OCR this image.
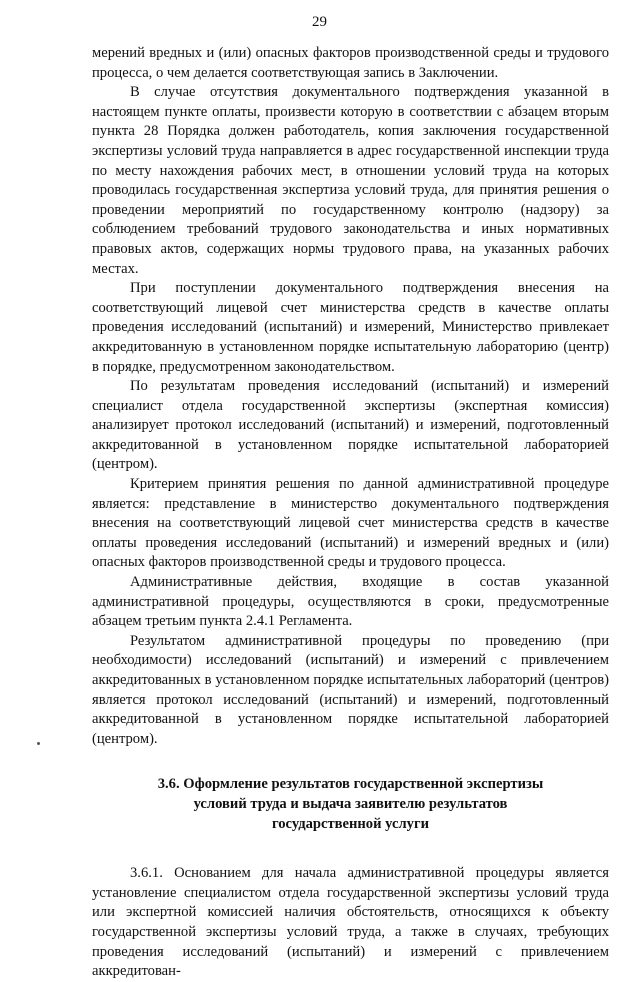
29

мерений вредных и (или) опасных факторов производственной среды и трудового процесса, о чем делается соответствующая запись в Заключении.

В случае отсутствия документального подтверждения указанной в настоящем пункте оплаты, произвести которую в соответствии с абзацем вторым пункта 28 Порядка должен работодатель, копия заключения государственной экспертизы условий труда направляется в адрес государственной инспекции труда по месту нахождения рабочих мест, в отношении условий труда на которых проводилась государственная экспертиза условий труда, для принятия решения о проведении мероприятий по государственному контролю (надзору) за соблюдением требований трудового законодательства и иных нормативных правовых актов, содержащих нормы трудового права, на указанных рабочих местах.

При поступлении документального подтверждения внесения на соответствующий лицевой счет министерства средств в качестве оплаты проведения исследований (испытаний) и измерений, Министерство привлекает аккредитованную в установленном порядке испытательную лабораторию (центр) в порядке, предусмотренном законодательством.

По результатам проведения исследований (испытаний) и измерений специалист отдела государственной экспертизы (экспертная комиссия) анализирует протокол исследований (испытаний) и измерений, подготовленный аккредитованной в установленном порядке испытательной лабораторией (центром).

Критерием принятия решения по данной административной процедуре является: представление в министерство документального подтверждения внесения на соответствующий лицевой счет министерства средств в качестве оплаты проведения исследований (испытаний) и измерений вредных и (или) опасных факторов производственной среды и трудового процесса.

Административные действия, входящие в состав указанной административной процедуры, осуществляются в сроки, предусмотренные абзацем третьим пункта 2.4.1 Регламента.

Результатом административной процедуры по проведению (при необходимости) исследований (испытаний) и измерений с привлечением аккредитованных в установленном порядке испытательных лабораторий (центров) является протокол исследований (испытаний) и измерений, подготовленный аккредитованной в установленном порядке испытательной лабораторией (центром).

3.6. Оформление результатов государственной экспертизы
условий труда и выдача заявителю результатов
государственной услуги

3.6.1. Основанием для начала административной процедуры является установление специалистом отдела государственной экспертизы условий труда или экспертной комиссией наличия обстоятельств, относящихся к объекту государственной экспертизы условий труда, а также в случаях, требующих проведения исследований (испытаний) и измерений с привлечением аккредитован-
